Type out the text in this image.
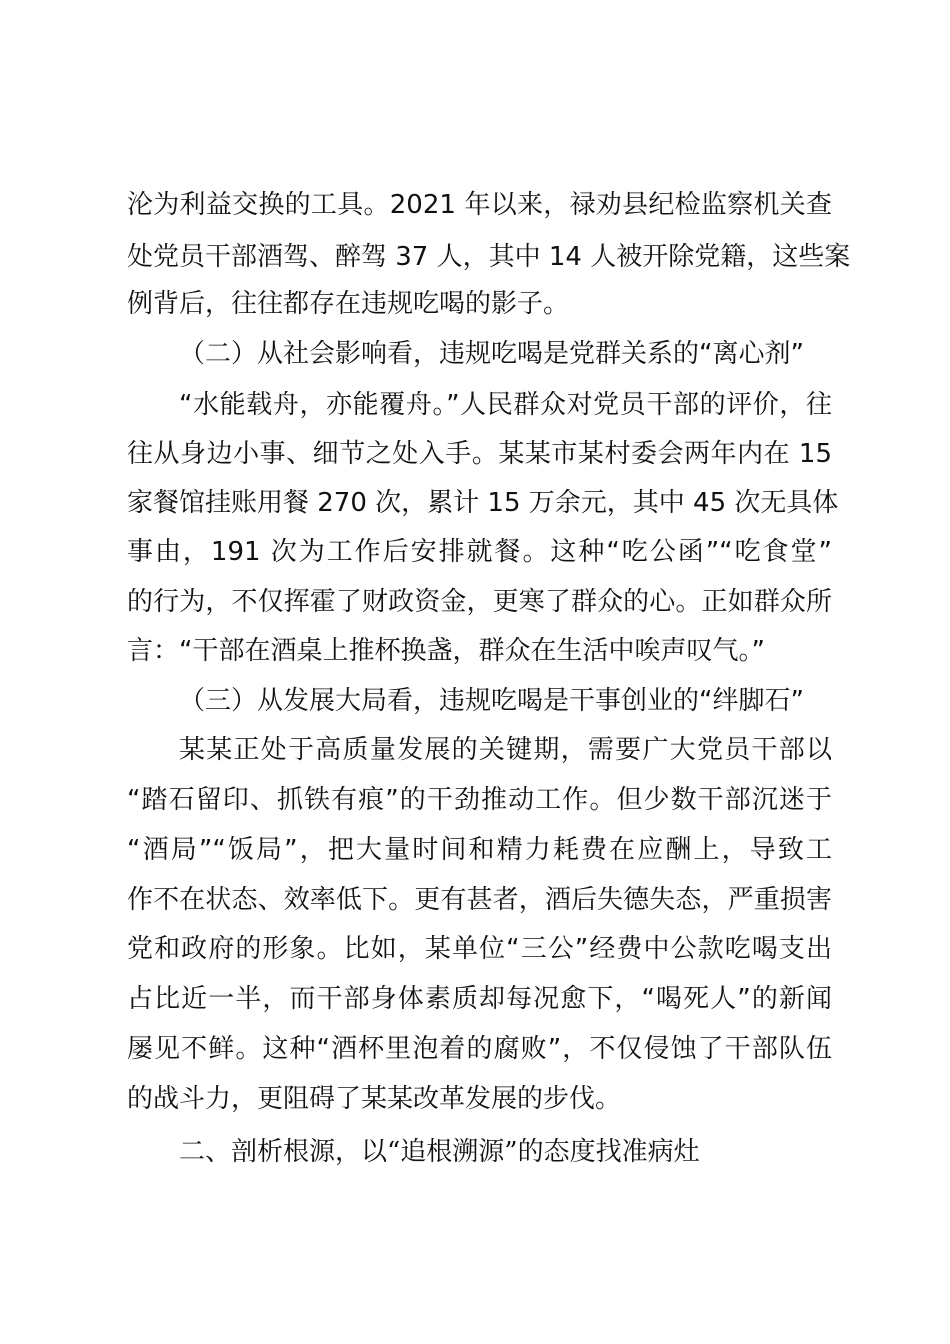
沦为利益交换的工具。2021 年以来，禄劝县纪检监察机关查
处党员干部酒驾、醉驾 37 人，其中 14 人被开除党籍，这些案
例背后，往往都存在违规吃喝的影子。
（二）从社会影响看，违规吃喝是党群关系的“离心剂”
“水能载舟，亦能覆舟。”人民群众对党员干部的评价，往
往从身边小事、细节之处入手。某某市某村委会两年内在 15
家餐馆挂账用餐 270 次，累计 15 万余元，其中 45 次无具体
事由，191 次为工作后安排就餐。这种“吃公函”“吃食堂”
的行为，不仅挥霍了财政资金，更寒了群众的心。正如群众所
言：“干部在酒桌上推杯换盏，群众在生活中唉声叹气。”
（三）从发展大局看，违规吃喝是干事创业的“绊脚石”
某某正处于高质量发展的关键期，需要广大党员干部以
“踏石留印、抓铁有痕”的干劲推动工作。但少数干部沉迷于
“酒局”“饭局”，把大量时间和精力耗费在应酬上，导致工
作不在状态、效率低下。更有甚者，酒后失德失态，严重损害
党和政府的形象。比如，某单位“三公”经费中公款吃喝支出
占比近一半，而干部身体素质却每况愈下，“喝死人”的新闻
屡见不鲜。这种“酒杯里泡着的腐败”，不仅侵蚀了干部队伍
的战斗力，更阻碍了某某改革发展的步伐。
二、剖析根源，以“追根溯源”的态度找准病灶
